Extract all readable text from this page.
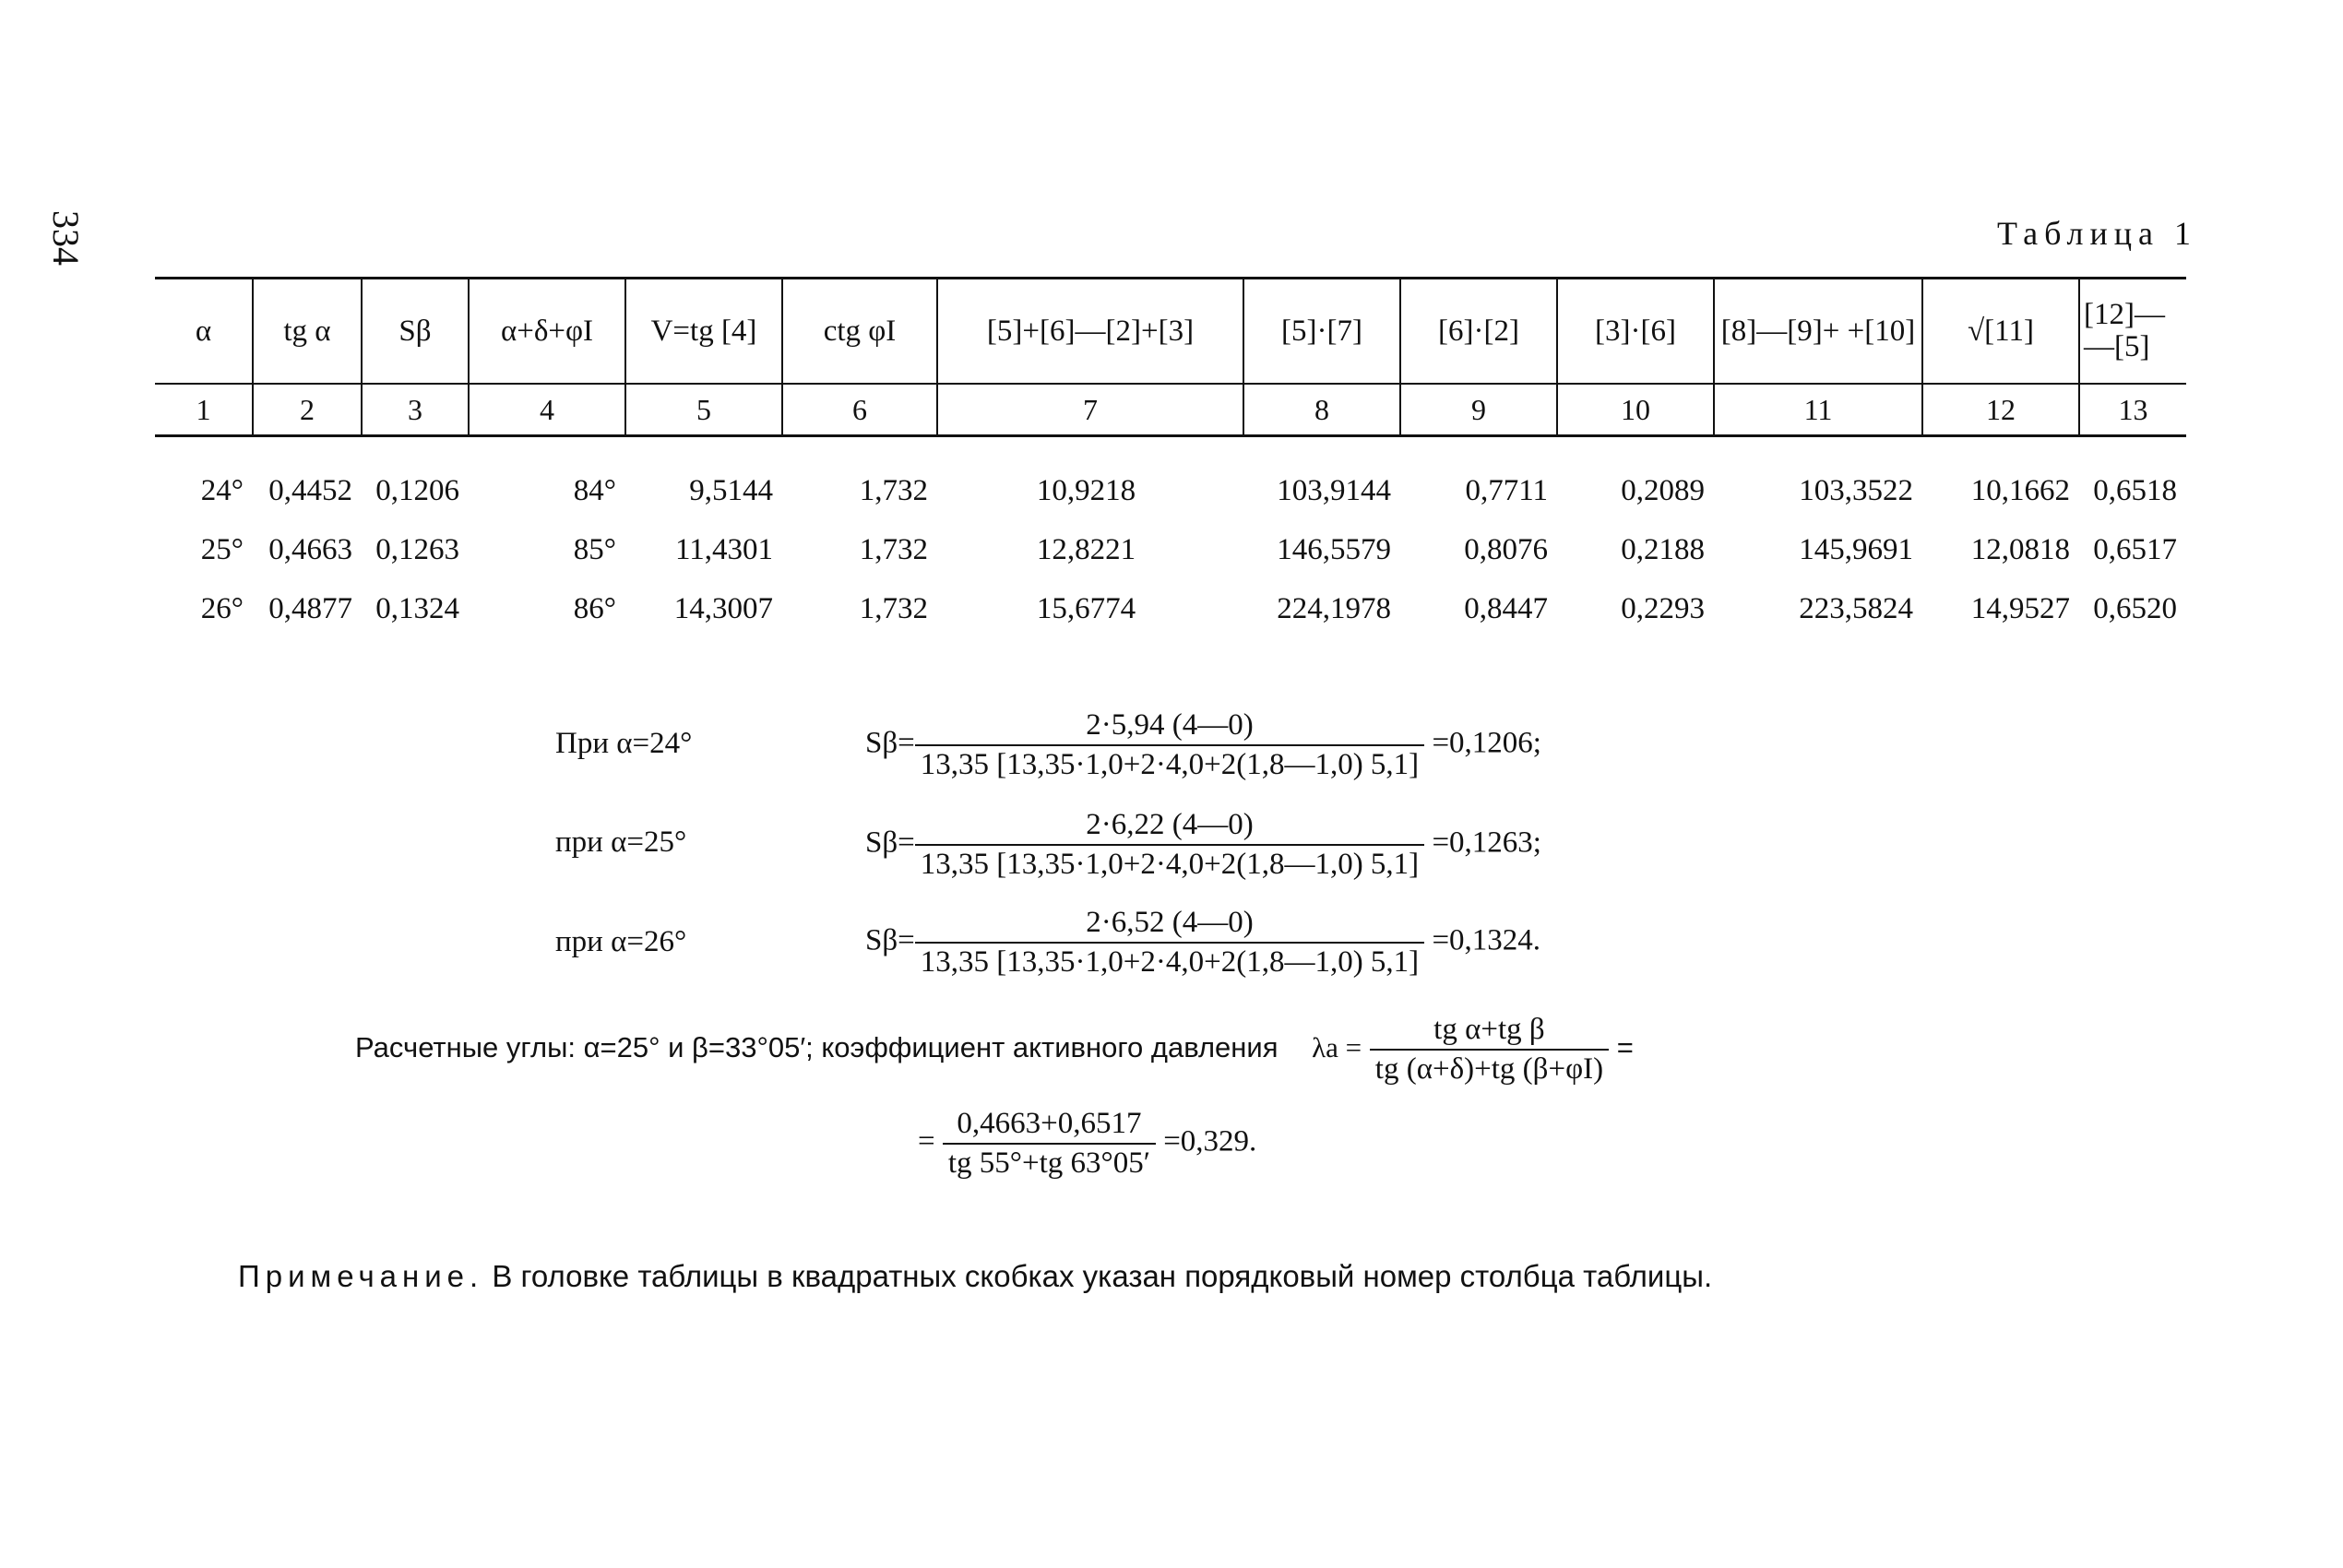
334	Таблица 1
α	tg α	Sβ	α+δ+φI	V=tg [4]	ctg φI	[5]+[6]—[2]+[3]	[5]·[7]	[6]·[2]	[3]·[6]	[8]—[9]+ +[10]	√[11]	[12]— —[5]
1	2	3	4	5	6	7	8	9	10	11	12	13

24°	0,4452	0,1206	84°	9,5144	1,732	10,9218	103,9144	0,7711	0,2089	103,3522	10,1662	0,6518
25°	0,4663	0,1263	85°	11,4301	1,732	12,8221	146,5579	0,8076	0,2188	145,9691	12,0818	0,6517
26°	0,4877	0,1324	86°	14,3007	1,732	15,6774	224,1978	0,8447	0,2293	223,5824	14,9527	0,6520
При α=24°	$S\beta= \frac{2\cdot 5,94 (4—0)}{13,35 [13,35\cdot 1,0+2\cdot 4,0+2(1,8—1,0) 5,1]} =0,1206$;
при α=25°	$S\beta= \frac{2\cdot 6,22 (4—0)}{13,35 [13,35\cdot 1,0+2\cdot 4,0+2(1,8—1,0) 5,1]} =0,1263$;
при α=26°	$S\beta= \frac{2\cdot 6,52 (4—0)}{13,35 [13,35\cdot 1,0+2\cdot 4,0+2(1,8—1,0) 5,1]} =0,1324$.
Расчетные углы: α=25° и β=33°05′; коэффициент активного давления $\lambda a = \frac{\text{tg α+tg β}}{tg (\alpha+\delta)+tg (\beta+\varphi I)}$ =
= $\frac{0,4663+0,6517}{tg 55^\circ+tg 63^\circ 05'} =0,329$.
Примечание. В головке таблицы в квадратных скобках указан порядковый номер столбца таблицы.
